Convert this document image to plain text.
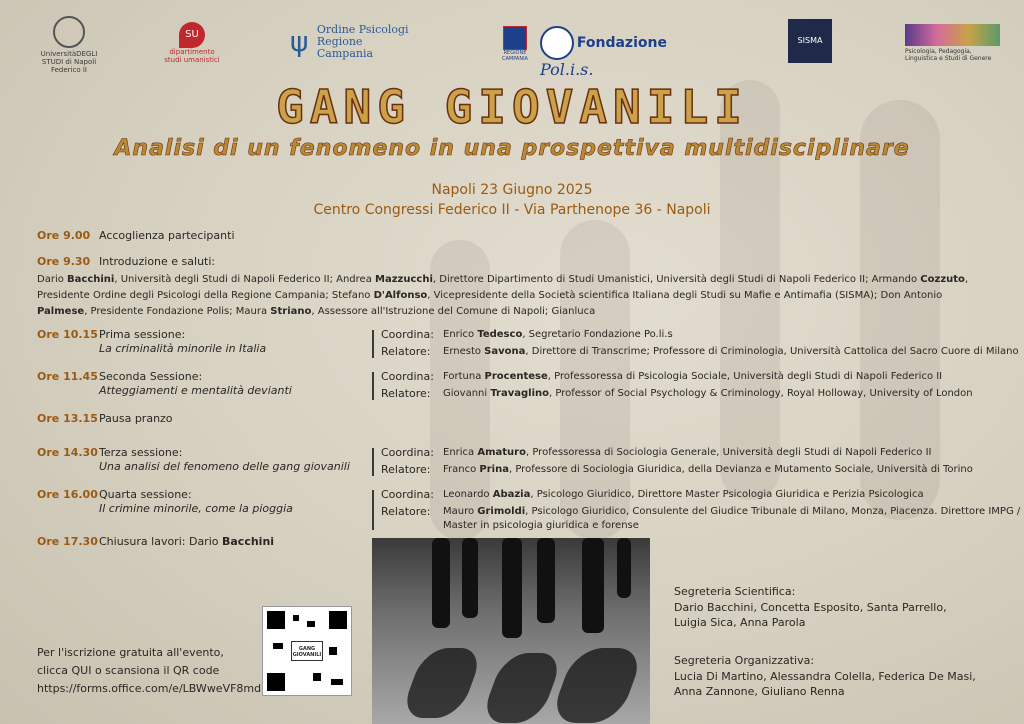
UniversitàDEGLI STUDI di Napoli Federico II
SU
dipartimento studi umanistici
ψ Ordine Psicologi Regione Campania	REGIONE CAMPANIA
Fondazione Pol.i.s.
SISMA
Psicologia, Pedagogia, Linguistica e Studi di Genere
GANG GIOVANILI
Analisi di un fenomeno in una prospettiva multidisciplinare
Napoli 23 Giugno 2025
Centro Congressi Federico II - Via Parthenope 36 - Napoli
Ore 9.00 Accoglienza partecipanti
Ore 9.30 Introduzione e saluti:
Dario Bacchini, Università degli Studi di Napoli Federico II; Andrea Mazzucchi, Direttore Dipartimento di Studi Umanistici, Università degli Studi di Napoli Federico II; Armando Cozzuto, Presidente Ordine degli Psicologi della Regione Campania; Stefano D'Alfonso, Vicepresidente della Società scientifica Italiana degli Studi su Mafie e Antimafia (SISMA); Don Antonio Palmese, Presidente Fondazione Polis; Maura Striano, Assessore all'Istruzione del Comune di Napoli; Gianluca
Ore 10.15 Prima sessione:
La criminalità minorile in Italia
Coordina: Enrico Tedesco, Segretario Fondazione Po.li.s
Relatore: Ernesto Savona, Direttore di Transcrime; Professore di Criminologia, Università Cattolica del Sacro Cuore di Milano
Ore 11.45 Seconda Sessione:
Atteggiamenti e mentalità devianti
Coordina: Fortuna Procentese, Professoressa di Psicologia Sociale, Università degli Studi di Napoli Federico II
Relatore: Giovanni Travaglino, Professor of Social Psychology & Criminology, Royal Holloway, University of London
Ore 14.30 Terza sessione:
Una analisi del fenomeno delle gang giovanili
Coordina: Enrica Amaturo, Professoressa di Sociologia Generale, Università degli Studi di Napoli Federico II
Relatore: Franco Prina, Professore di Sociologia Giuridica, della Devianza e Mutamento Sociale, Università di Torino
Ore 16.00 Quarta sessione:
Il crimine minorile, come la pioggia
Coordina: Leonardo Abazia, Psicologo Giuridico, Direttore Master Psicologia Giuridica e Perizia Psicologica
Relatore: Mauro Grimoldi, Psicologo Giuridico, Consulente del Giudice Tribunale di Milano, Monza, Piacenza. Direttore IMPG /
Master in psicologia giuridica e forense
Ore 13.15 Pausa pranzo
Ore 17.30 Chiusura lavori: Dario Bacchini
Per l'iscrizione gratuita all'evento,
clicca QUI o scansiona il QR code
https://forms.office.com/e/LBWweVF8md
GANG GIOVANILI
Segreteria Scientifica:
Dario Bacchini, Concetta Esposito, Santa Parrello,
Luigia Sica, Anna Parola
Segreteria Organizzativa:
Lucia Di Martino, Alessandra Colella, Federica De Masi,
Anna Zannone, Giuliano Renna
